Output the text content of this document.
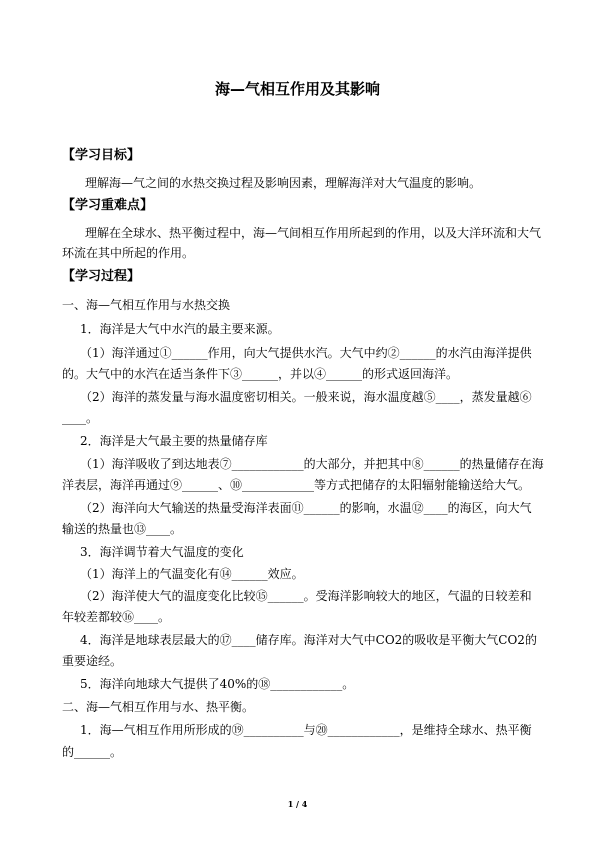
海—气相互作用及其影响
【学习目标】
理解海—气之间的水热交换过程及影响因素，理解海洋对大气温度的影响。
【学习重难点】
理解在全球水、热平衡过程中，海—气间相互作用所起到的作用，以及大洋环流和大气
环流在其中所起的作用。
【学习过程】
一、海—气相互作用与水热交换
1．海洋是大气中水汽的最主要来源。
（1）海洋通过①______作用，向大气提供水汽。大气中约②______的水汽由海洋提供
的。大气中的水汽在适当条件下③______，并以④______的形式返回海洋。
（2）海洋的蒸发量与海水温度密切相关。一般来说，海水温度越⑤____，蒸发量越⑥
____。
2．海洋是大气最主要的热量储存库
（1）海洋吸收了到达地表⑦____________的大部分，并把其中⑧______的热量储存在海
洋表层，海洋再通过⑨______、⑩____________等方式把储存的太阳辐射能输送给大气。
（2）海洋向大气输送的热量受海洋表面⑪______的影响，水温⑫____的海区，向大气
输送的热量也⑬____。
3．海洋调节着大气温度的变化
（1）海洋上的气温变化有⑭______效应。
（2）海洋使大气的温度变化比较⑮______。受海洋影响较大的地区，气温的日较差和
年较差都较⑯____。
4．海洋是地球表层最大的⑰____储存库。海洋对大气中CO2的吸收是平衡大气CO2的
重要途经。
5．海洋向地球大气提供了40%的⑱____________。
二、海—气相互作用与水、热平衡。
1．海—气相互作用所形成的⑲__________与⑳____________，是维持全球水、热平衡
的______。
1 / 4
